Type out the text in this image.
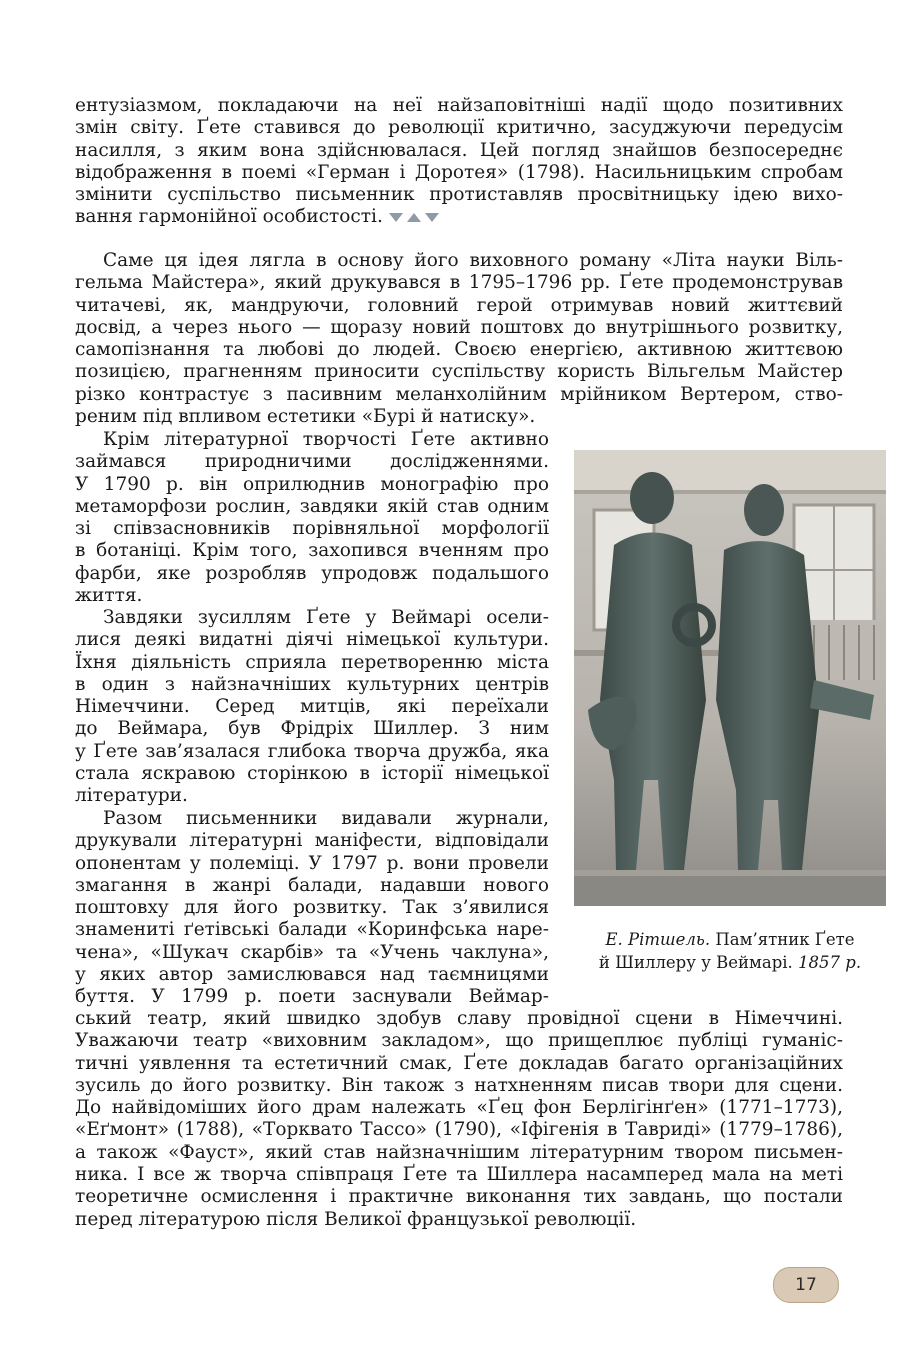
ентузіазмом, покладаючи на неї найзаповітніші надії щодо позитивних
змін світу. Ґете ставився до революції критично, засуджуючи передусім
насилля, з яким вона здійснювалася. Цей погляд знайшов безпосереднє
відображення в поемі «Герман і Доротея» (1798). Насильницьким спробам
змінити суспільство письменник протиставляв просвітницьку ідею вихо-
вання гармонійної особистості.
Саме ця ідея лягла в основу його виховного роману «Літа науки Віль-
гельма Майстера», який друкувався в 1795–1796 рр. Ґете продемонстрував
читачеві, як, мандруючи, головний герой отримував новий життєвий
досвід, а через нього — щоразу новий поштовх до внутрішнього розвитку,
самопізнання та любові до людей. Своєю енергією, активною життєвою
позицією, прагненням приносити суспільству користь Вільгельм Майстер
різко контрастує з пасивним меланхолійним мрійником Вертером, ство-
реним під впливом естетики «Бурі й натиску».
Крім літературної творчості Ґете активно
займався природничими дослідженнями.
У 1790 р. він оприлюднив монографію про
метаморфози рослин, завдяки якій став одним
зі співзасновників порівняльної морфології
в ботаніці. Крім того, захопився вченням про
фарби, яке розробляв упродовж подальшого
життя.
Завдяки зусиллям Ґете у Веймарі осели-
лися деякі видатні діячі німецької культури.
Їхня діяльність сприяла перетворенню міста
в один з найзначніших культурних центрів
Німеччини. Серед митців, які переїхали
до Веймара, був Фрідріх Шиллер. З ним
у Ґете зав’язалася глибока творча дружба, яка
стала яскравою сторінкою в історії німецької
літератури.
Разом письменники видавали журнали,
друкували літературні маніфести, відповідали
опонентам у полеміці. У 1797 р. вони провели
змагання в жанрі балади, надавши нового
поштовху для його розвитку. Так з’явилися
знамениті ґетівські балади «Коринфська наре-
чена», «Шукач скарбів» та «Учень чаклуна»,
у яких автор замислювався над таємницями
буття. У 1799 р. поети заснували Веймар-
ський театр, який швидко здобув славу провідної сцени в Німеччині.
Уважаючи театр «виховним закладом», що прищеплює публіці гуманіс-
тичні уявлення та естетичний смак, Ґете докладав багато організаційних
зусиль до його розвитку. Він також з натхненням писав твори для сцени.
До найвідоміших його драм належать «Ґец фон Берлігінґен» (1771–1773),
«Еґмонт» (1788), «Торквато Тассо» (1790), «Іфігенія в Тавриді» (1779–1786),
а також «Фауст», який став найзначнішим літературним твором письмен-
ника. І все ж творча співпраця Ґете та Шиллера насамперед мала на меті
теоретичне осмислення і практичне виконання тих завдань, що постали
перед літературою після Великої французької революції.
Е. Рітшель. Пам’ятник Ґете
й Шиллеру у Веймарі. 1857 р.
17
